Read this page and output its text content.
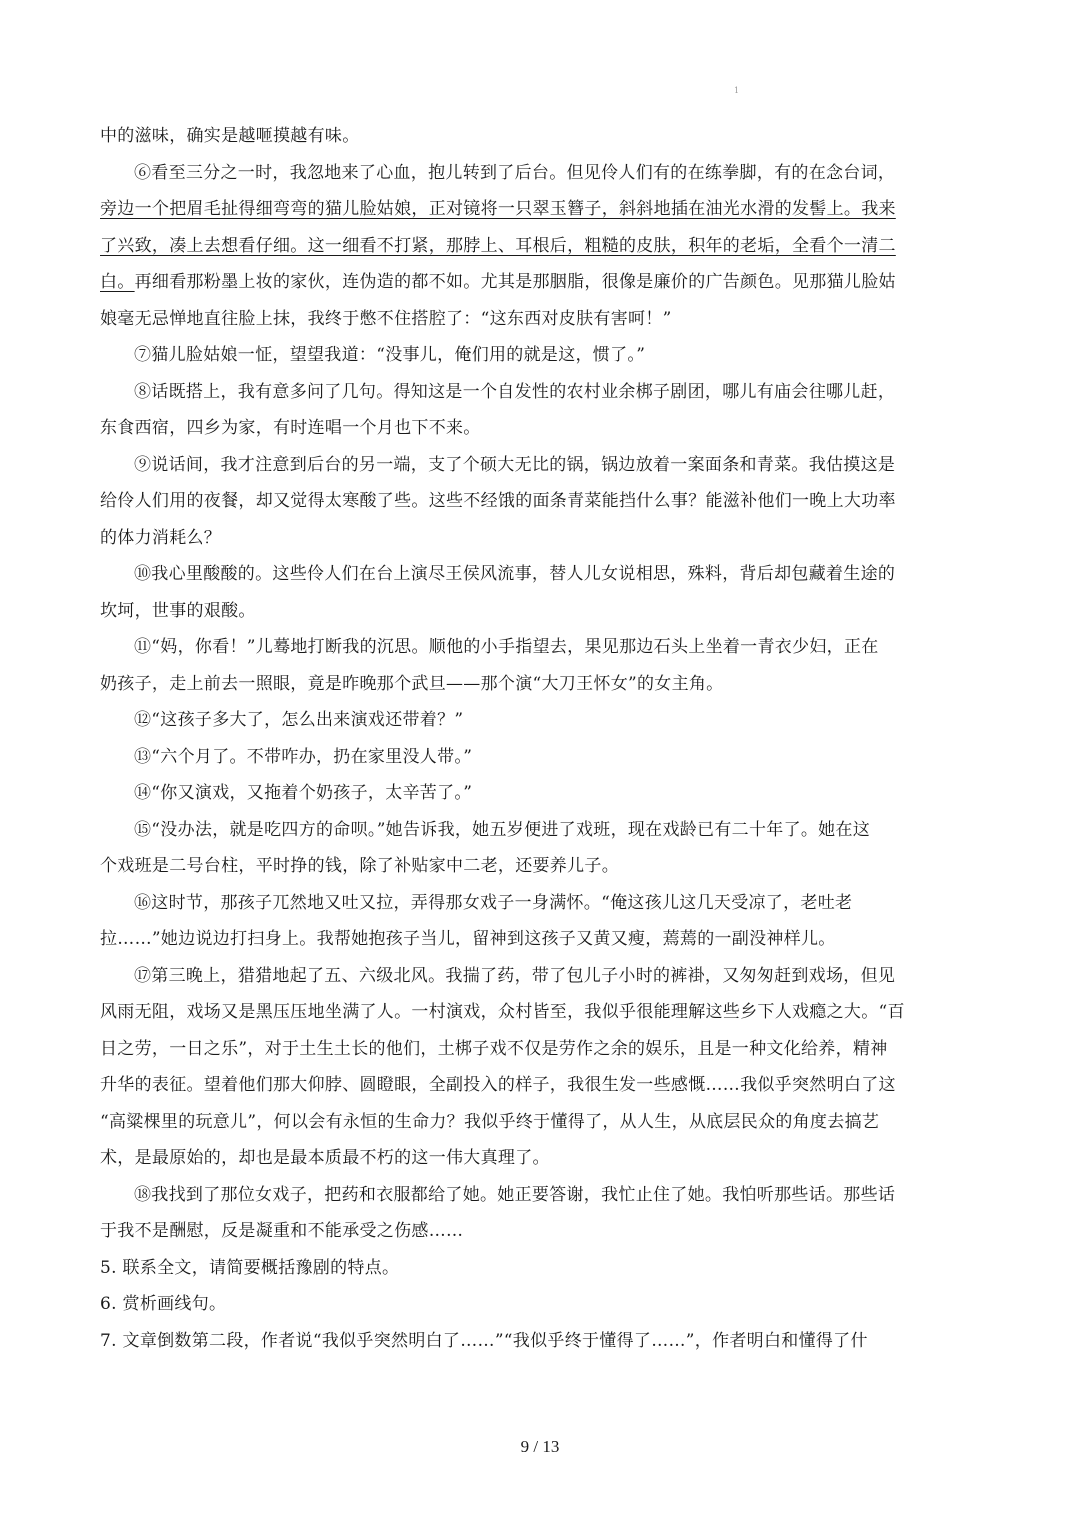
1
中的滋味，确实是越咂摸越有味。
⑥看至三分之一时，我忽地来了心血，抱儿转到了后台。但见伶人们有的在练拳脚，有的在念台词，
旁边一个把眉毛扯得细弯弯的猫儿脸姑娘，正对镜将一只翠玉簪子，斜斜地插在油光水滑的发髻上。我来
了兴致，凑上去想看仔细。这一细看不打紧，那脖上、耳根后，粗糙的皮肤，积年的老垢，全看个一清二
白。再细看那粉墨上妆的家伙，连伪造的都不如。尤其是那胭脂，很像是廉价的广告颜色。见那猫儿脸姑
娘毫无忌惮地直往脸上抹，我终于憋不住搭腔了：“这东西对皮肤有害呵！”
⑦猫儿脸姑娘一怔，望望我道：“没事儿，俺们用的就是这，惯了。”
⑧话既搭上，我有意多问了几句。得知这是一个自发性的农村业余梆子剧团，哪儿有庙会往哪儿赶，
东食西宿，四乡为家，有时连唱一个月也下不来。
⑨说话间，我才注意到后台的另一端，支了个硕大无比的锅，锅边放着一案面条和青菜。我估摸这是
给伶人们用的夜餐，却又觉得太寒酸了些。这些不经饿的面条青菜能挡什么事？能滋补他们一晚上大功率
的体力消耗么？
⑩我心里酸酸的。这些伶人们在台上演尽王侯风流事，替人儿女说相思，殊料，背后却包藏着生途的
坎坷，世事的艰酸。
⑪“妈，你看！”儿蓦地打断我的沉思。顺他的小手指望去，果见那边石头上坐着一青衣少妇，正在
奶孩子，走上前去一照眼，竟是昨晚那个武旦——那个演“大刀王怀女”的女主角。
⑫“这孩子多大了，怎么出来演戏还带着？”
⑬“六个月了。不带咋办，扔在家里没人带。”
⑭“你又演戏，又拖着个奶孩子，太辛苦了。”
⑮“没办法，就是吃四方的命呗。”她告诉我，她五岁便进了戏班，现在戏龄已有二十年了。她在这
个戏班是二号台柱，平时挣的钱，除了补贴家中二老，还要养儿子。
⑯这时节，那孩子兀然地又吐又拉，弄得那女戏子一身满怀。“俺这孩儿这几天受凉了，老吐老
拉……”她边说边打扫身上。我帮她抱孩子当儿，留神到这孩子又黄又瘦，蔫蔫的一副没神样儿。
⑰第三晚上，猎猎地起了五、六级北风。我揣了药，带了包儿子小时的裤褂，又匆匆赶到戏场，但见
风雨无阻，戏场又是黑压压地坐满了人。一村演戏，众村皆至，我似乎很能理解这些乡下人戏瘾之大。“百
日之劳，一日之乐”，对于土生土长的他们，土梆子戏不仅是劳作之余的娱乐，且是一种文化给养，精神
升华的表征。望着他们那大仰脖、圆瞪眼，全副投入的样子，我很生发一些感慨……我似乎突然明白了这
“高粱棵里的玩意儿”，何以会有永恒的生命力？我似乎终于懂得了，从人生，从底层民众的角度去搞艺
术，是最原始的，却也是最本质最不朽的这一伟大真理了。
⑱我找到了那位女戏子，把药和衣服都给了她。她正要答谢，我忙止住了她。我怕听那些话。那些话
于我不是酬慰，反是凝重和不能承受之伤感……
5. 联系全文，请简要概括豫剧的特点。
6. 赏析画线句。
7. 文章倒数第二段，作者说“我似乎突然明白了……”“我似乎终于懂得了……”，作者明白和懂得了什
9 / 13
